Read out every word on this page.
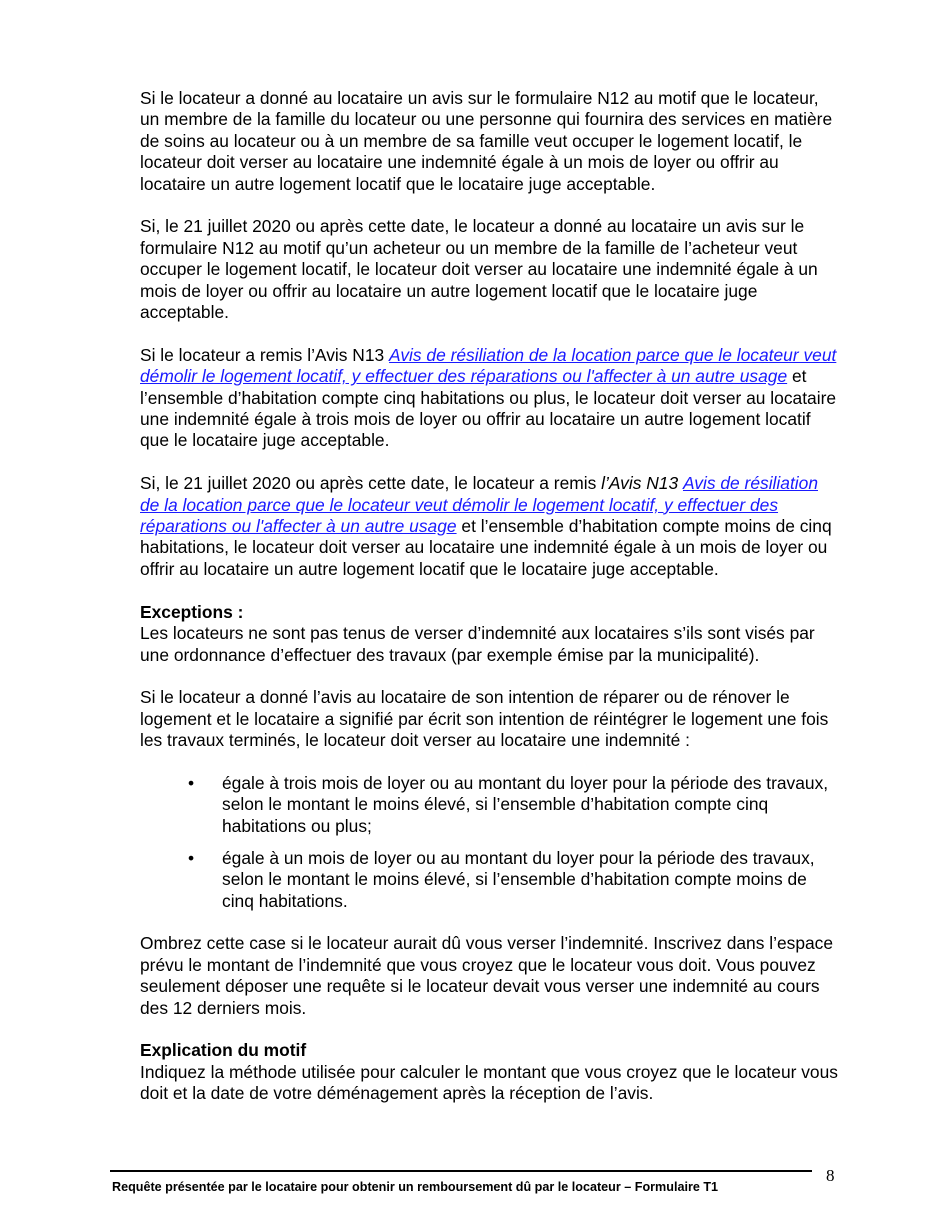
Si le locateur a donné au locataire un avis sur le formulaire N12 au motif que le locateur, un membre de la famille du locateur ou une personne qui fournira des services en matière de soins au locateur ou à un membre de sa famille veut occuper le logement locatif, le locateur doit verser au locataire une indemnité égale à un mois de loyer ou offrir au locataire un autre logement locatif que le locataire juge acceptable.

Si, le 21 juillet 2020 ou après cette date, le locateur a donné au locataire un avis sur le formulaire N12 au motif qu’un acheteur ou un membre de la famille de l’acheteur veut occuper le logement locatif, le locateur doit verser au locataire une indemnité égale à un mois de loyer ou offrir au locataire un autre logement locatif que le locataire juge acceptable.

Si le locateur a remis l’Avis N13 Avis de résiliation de la location parce que le locateur veut démolir le logement locatif, y effectuer des réparations ou l'affecter à un autre usage et l’ensemble d’habitation compte cinq habitations ou plus, le locateur doit verser au locataire une indemnité égale à trois mois de loyer ou offrir au locataire un autre logement locatif que le locataire juge acceptable.

Si, le 21 juillet 2020 ou après cette date, le locateur a remis l’Avis N13 Avis de résiliation de la location parce que le locateur veut démolir le logement locatif, y effectuer des réparations ou l'affecter à un autre usage et l’ensemble d’habitation compte moins de cinq habitations, le locateur doit verser au locataire une indemnité égale à un mois de loyer ou offrir au locataire un autre logement locatif que le locataire juge acceptable.

Exceptions :
Les locateurs ne sont pas tenus de verser d’indemnité aux locataires s’ils sont visés par une ordonnance d’effectuer des travaux (par exemple émise par la municipalité).

Si le locateur a donné l’avis au locataire de son intention de réparer ou de rénover le logement et le locataire a signifié par écrit son intention de réintégrer le logement une fois les travaux terminés, le locateur doit verser au locataire une indemnité :

• égale à trois mois de loyer ou au montant du loyer pour la période des travaux, selon le montant le moins élevé, si l’ensemble d’habitation compte cinq habitations ou plus;
• égale à un mois de loyer ou au montant du loyer pour la période des travaux, selon le montant le moins élevé, si l’ensemble d’habitation compte moins de cinq habitations.

Ombrez cette case si le locateur aurait dû vous verser l’indemnité. Inscrivez dans l’espace prévu le montant de l’indemnité que vous croyez que le locateur vous doit. Vous pouvez seulement déposer une requête si le locateur devait vous verser une indemnité au cours des 12 derniers mois.

Explication du motif
Indiquez la méthode utilisée pour calculer le montant que vous croyez que le locateur vous doit et la date de votre déménagement après la réception de l’avis.

8
Requête présentée par le locataire pour obtenir un remboursement dû par le locateur – Formulaire T1
